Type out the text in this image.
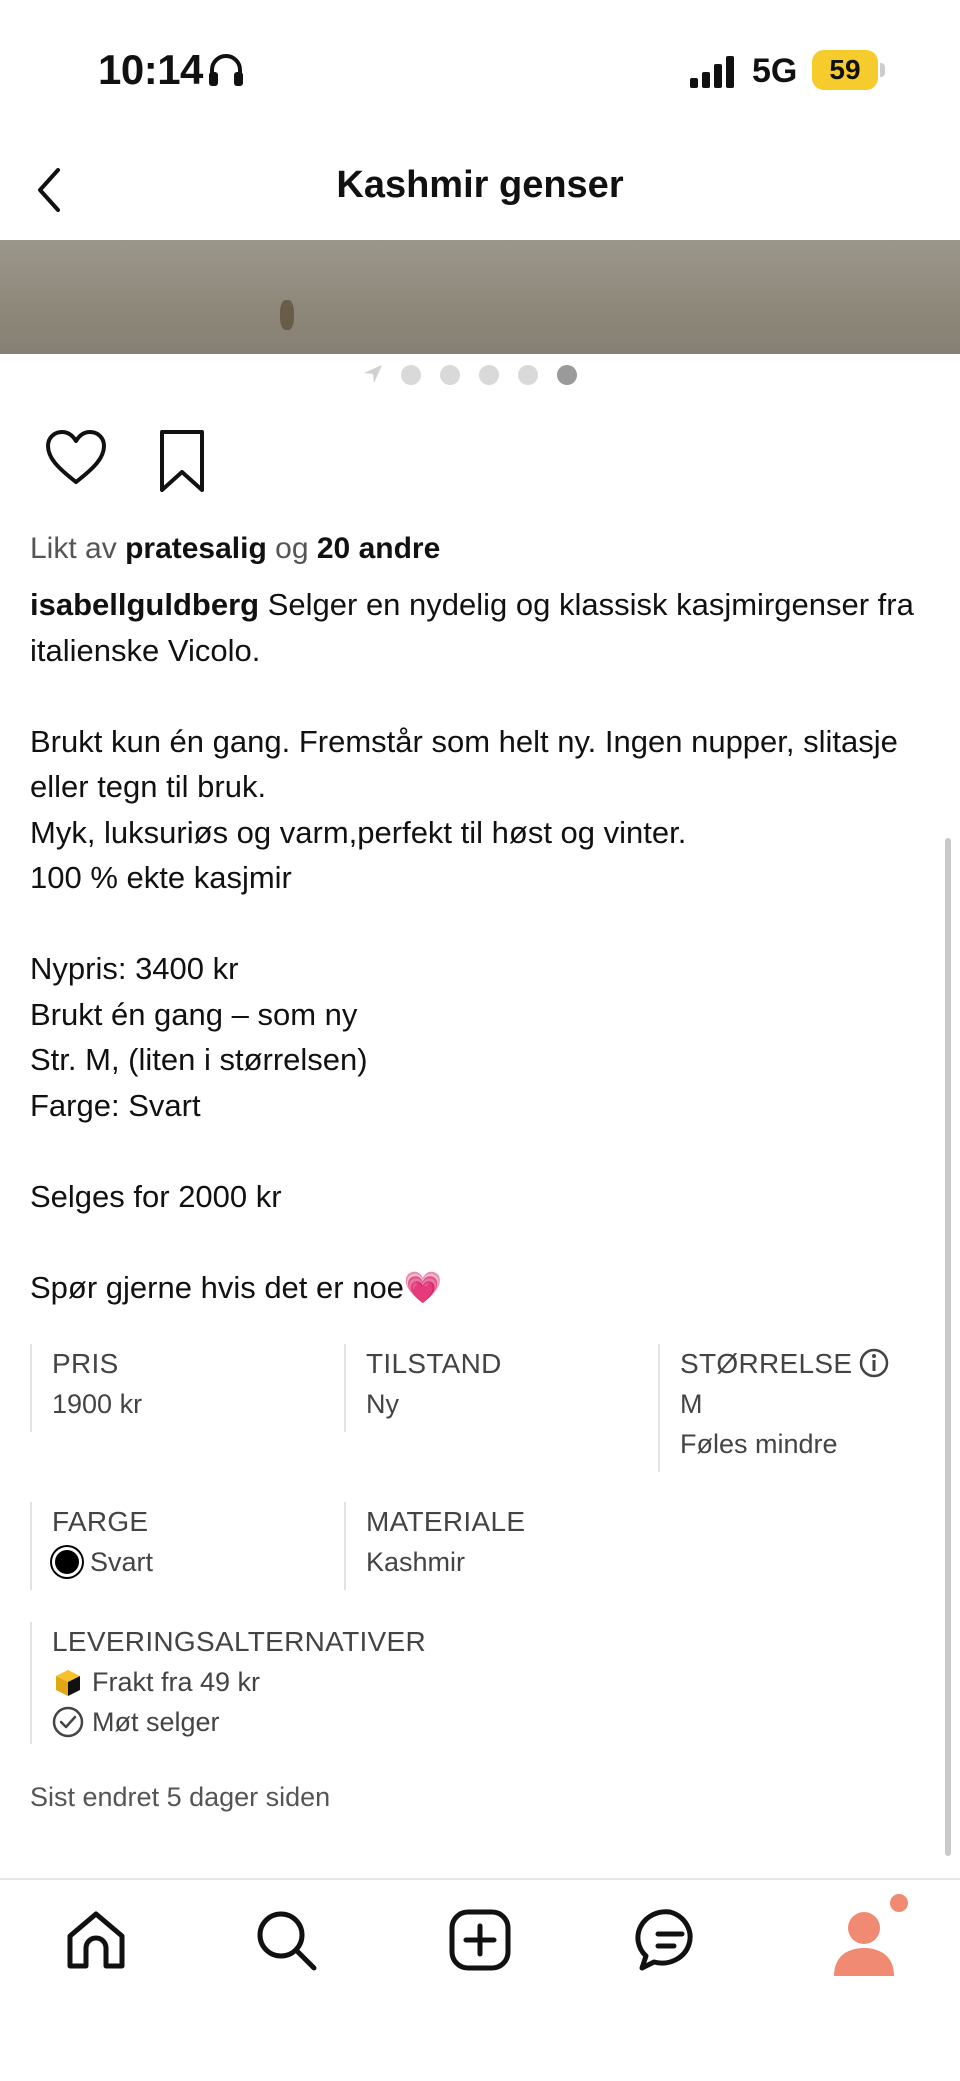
10:14	5G	59
Kashmir genser
Likt av pratesalig og 20 andre

isabellguldberg Selger en nydelig og klassisk kasjmirgenser fra italienske Vicolo.

Brukt kun én gang. Fremstår som helt ny. Ingen nupper, slitasje eller tegn til bruk.

Myk, luksuriøs og varm,perfekt til høst og vinter.

100 % ekte kasjmir

Nypris: 3400 kr

Brukt én gang – som ny

Str. M, (liten i størrelsen)

Farge: Svart

Selges for 2000 kr

Spør gjerne hvis det er noe💗

PRIS
1900 kr
TILSTAND
Ny
STØRRELSE
M
Føles mindre
FARGE
Svart
MATERIALE
Kashmir
LEVERINGSALTERNATIVER
Frakt fra 49 kr
Møt selger
Sist endret 5 dager siden
